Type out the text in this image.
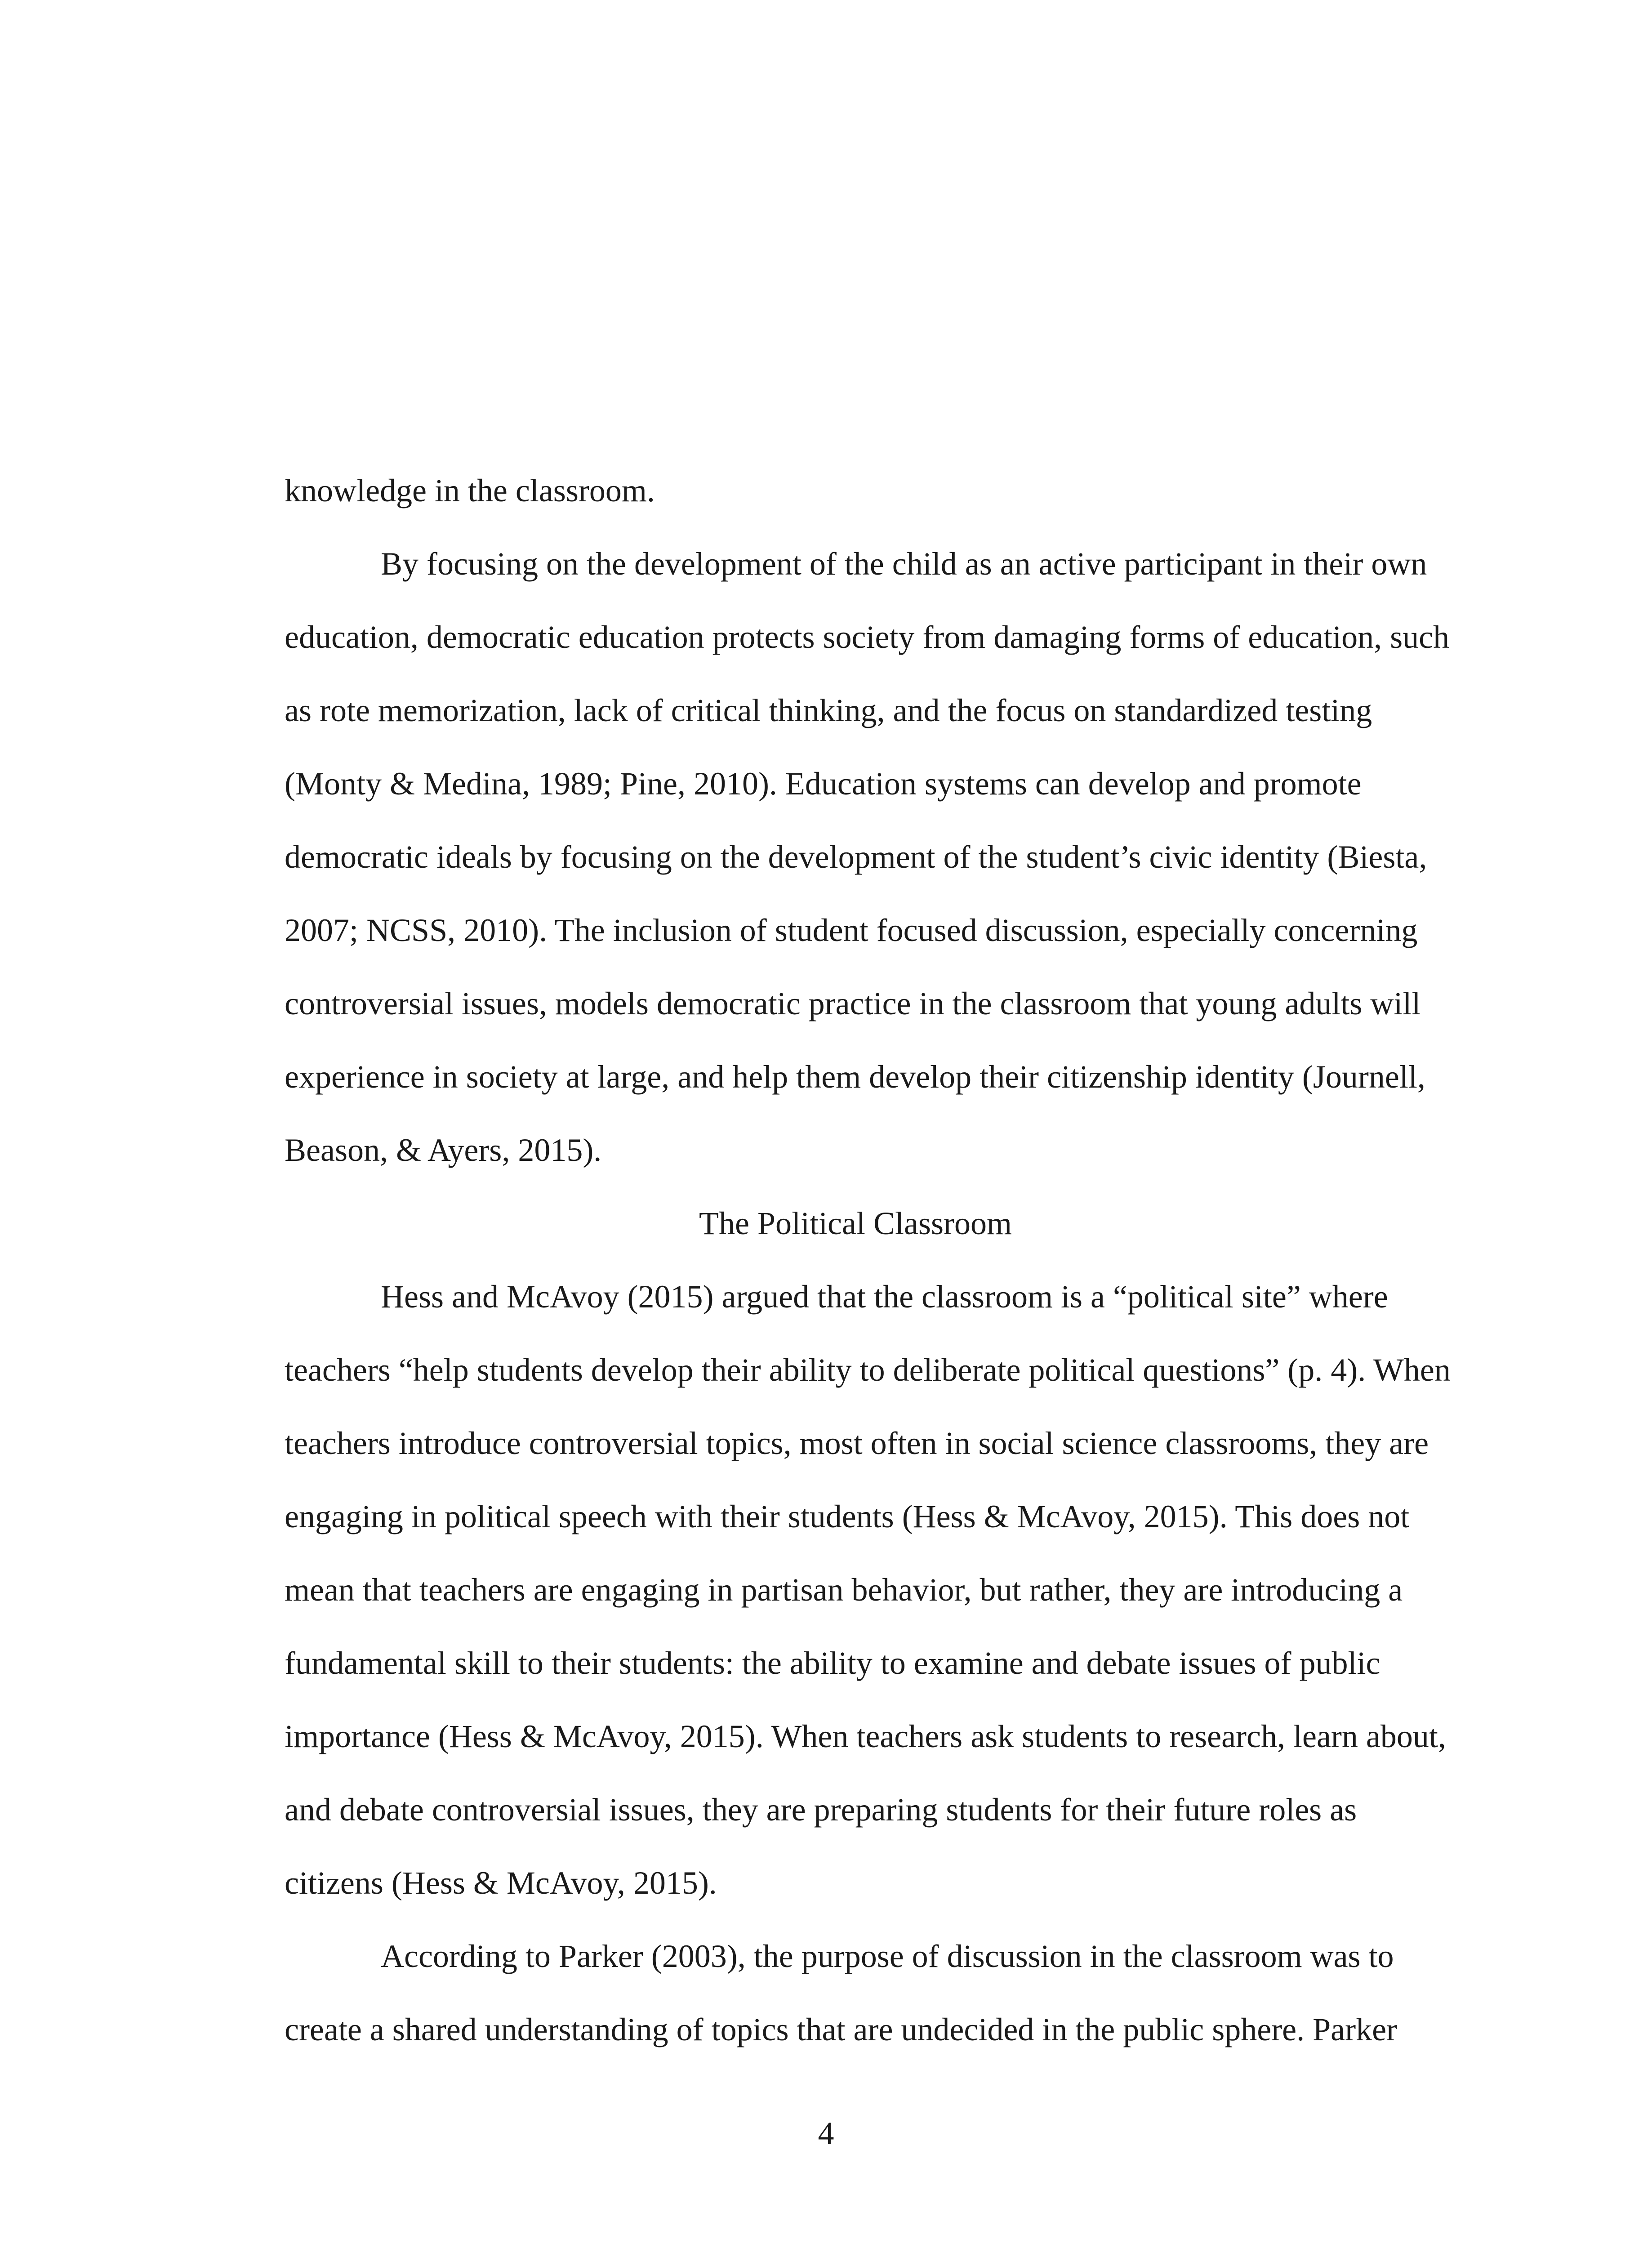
knowledge in the classroom.
By focusing on the development of the child as an active participant in their own
education, democratic education protects society from damaging forms of education, such
as rote memorization, lack of critical thinking, and the focus on standardized testing
(Monty & Medina, 1989; Pine, 2010). Education systems can develop and promote
democratic ideals by focusing on the development of the student’s civic identity (Biesta,
2007; NCSS, 2010). The inclusion of student focused discussion, especially concerning
controversial issues, models democratic practice in the classroom that young adults will
experience in society at large, and help them develop their citizenship identity (Journell,
Beason, & Ayers, 2015).
The Political Classroom
Hess and McAvoy (2015) argued that the classroom is a “political site” where
teachers “help students develop their ability to deliberate political questions” (p. 4). When
teachers introduce controversial topics, most often in social science classrooms, they are
engaging in political speech with their students (Hess & McAvoy, 2015). This does not
mean that teachers are engaging in partisan behavior, but rather, they are introducing a
fundamental skill to their students: the ability to examine and debate issues of public
importance (Hess & McAvoy, 2015). When teachers ask students to research, learn about,
and debate controversial issues, they are preparing students for their future roles as
citizens (Hess & McAvoy, 2015).
According to Parker (2003), the purpose of discussion in the classroom was to
create a shared understanding of topics that are undecided in the public sphere. Parker
4
